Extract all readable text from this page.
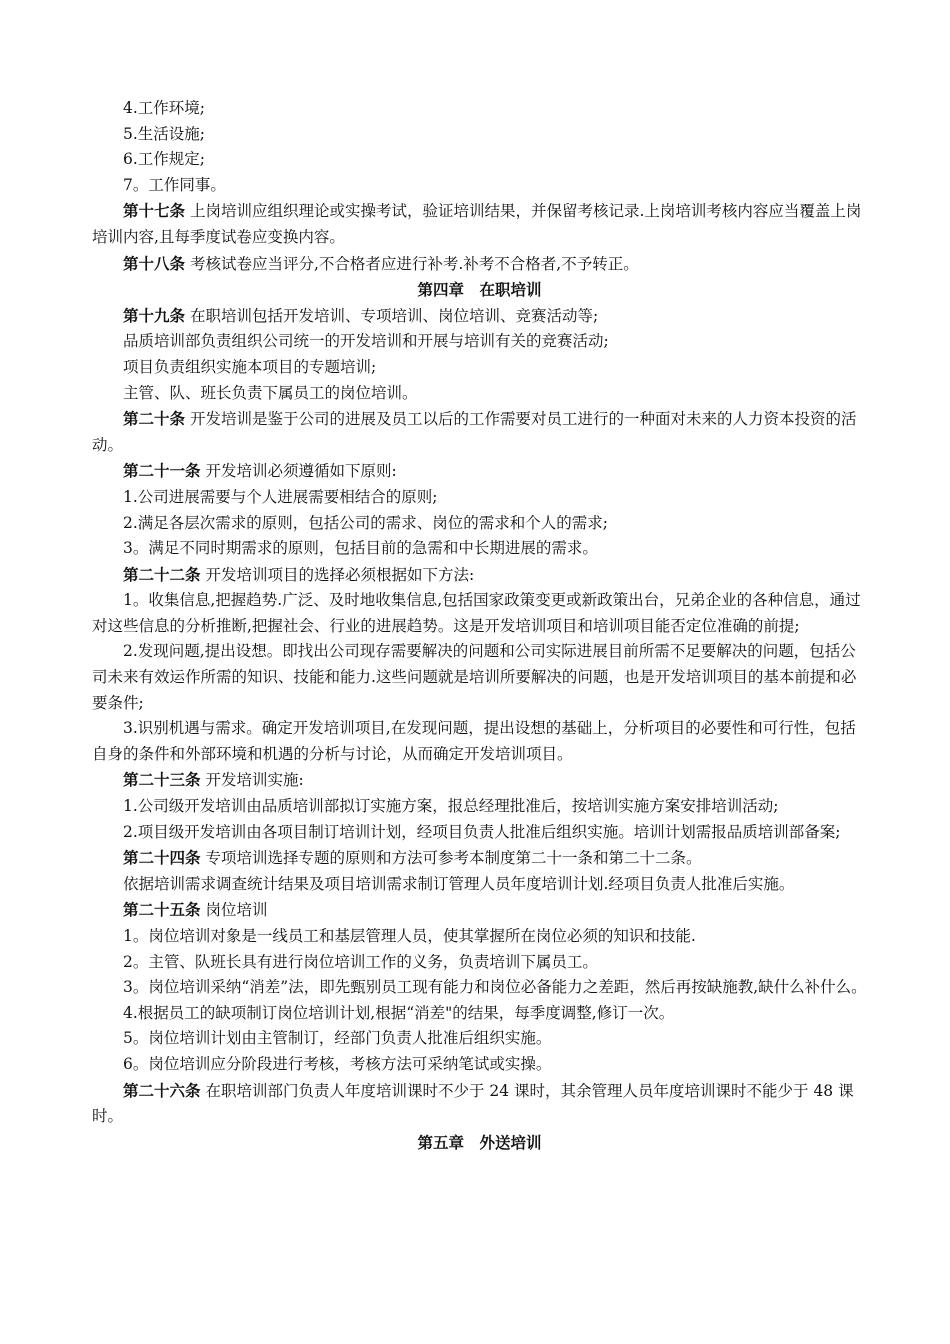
4.工作环境;

5.生活设施;

6.工作规定;

7。工作同事。

第十七条 上岗培训应组织理论或实操考试，验证培训结果，并保留考核记录.上岗培训考核内容应当覆盖上岗培训内容,且每季度试卷应变换内容。

第十八条 考核试卷应当评分,不合格者应进行补考.补考不合格者,不予转正。

第四章　在职培训

第十九条 在职培训包括开发培训、专项培训、岗位培训、竞赛活动等;

品质培训部负责组织公司统一的开发培训和开展与培训有关的竞赛活动;

项目负责组织实施本项目的专题培训;

主管、队、班长负责下属员工的岗位培训。

第二十条 开发培训是鉴于公司的进展及员工以后的工作需要对员工进行的一种面对未来的人力资本投资的活动。

第二十一条 开发培训必须遵循如下原则:

1.公司进展需要与个人进展需要相结合的原则;

2.满足各层次需求的原则，包括公司的需求、岗位的需求和个人的需求;

3。满足不同时期需求的原则，包括目前的急需和中长期进展的需求。

第二十二条 开发培训项目的选择必须根据如下方法:

1。收集信息,把握趋势.广泛、及时地收集信息,包括国家政策变更或新政策出台，兄弟企业的各种信息，通过对这些信息的分析推断,把握社会、行业的进展趋势。这是开发培训项目和培训项目能否定位准确的前提;

2.发现问题,提出设想。即找出公司现存需要解决的问题和公司实际进展目前所需不足要解决的问题，包括公司未来有效运作所需的知识、技能和能力.这些问题就是培训所要解决的问题，也是开发培训项目的基本前提和必要条件;

3.识别机遇与需求。确定开发培训项目,在发现问题，提出设想的基础上，分析项目的必要性和可行性，包括自身的条件和外部环境和机遇的分析与讨论，从而确定开发培训项目。

第二十三条 开发培训实施:

1.公司级开发培训由品质培训部拟订实施方案，报总经理批准后，按培训实施方案安排培训活动;

2.项目级开发培训由各项目制订培训计划，经项目负责人批准后组织实施。培训计划需报品质培训部备案;

第二十四条 专项培训选择专题的原则和方法可参考本制度第二十一条和第二十二条。

依据培训需求调查统计结果及项目培训需求制订管理人员年度培训计划.经项目负责人批准后实施。

第二十五条 岗位培训

1。岗位培训对象是一线员工和基层管理人员，使其掌握所在岗位必须的知识和技能.

2。主管、队班长具有进行岗位培训工作的义务，负责培训下属员工。

3。岗位培训采纳“消差”法，即先甄别员工现有能力和岗位必备能力之差距，然后再按缺施教,缺什么补什么。

4.根据员工的缺项制订岗位培训计划,根据“消差"的结果，每季度调整,修订一次。

5。岗位培训计划由主管制订，经部门负责人批准后组织实施。

6。岗位培训应分阶段进行考核，考核方法可采纳笔试或实操。

第二十六条 在职培训部门负责人年度培训课时不少于 24 课时，其余管理人员年度培训课时不能少于 48 课时。

第五章　外送培训
